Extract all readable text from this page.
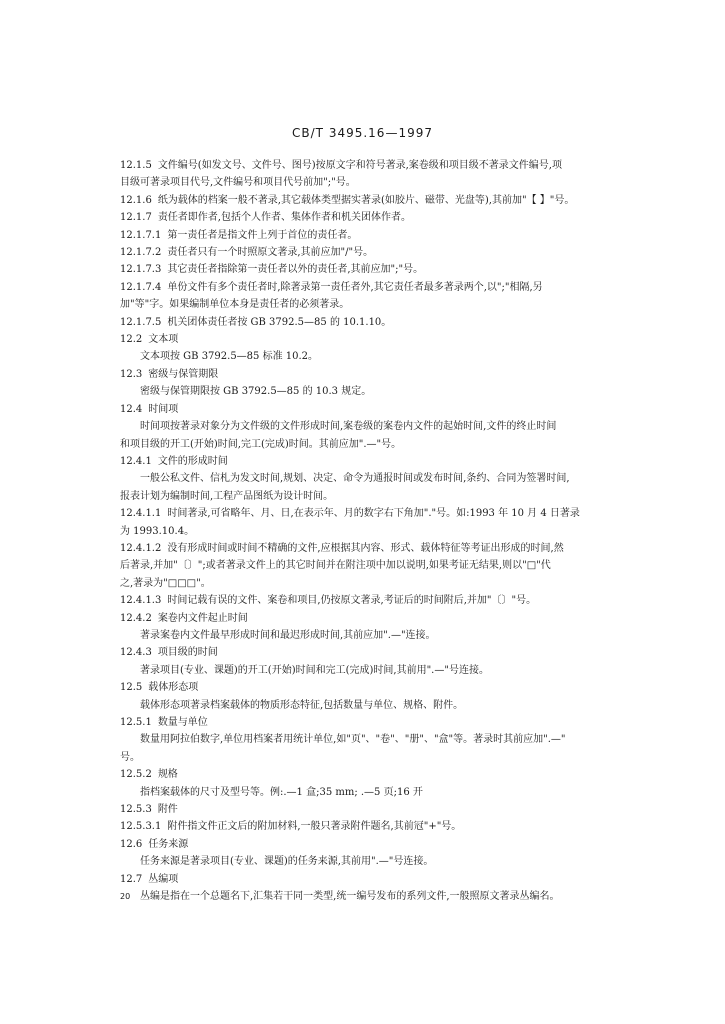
CB/T 3495.16—1997
12.1.5 文件编号(如发文号、文件号、图号)按原文字和符号著录,案卷级和项目级不著录文件编号,项
目级可著录项目代号,文件编号和项目代号前加";"号。
12.1.6 纸为载体的档案一般不著录,其它载体类型据实著录(如胶片、磁带、光盘等),其前加"【 】"号。
12.1.7 责任者即作者,包括个人作者、集体作者和机关团体作者。
12.1.7.1 第一责任者是指文件上列于首位的责任者。
12.1.7.2 责任者只有一个时照原文著录,其前应加"/"号。
12.1.7.3 其它责任者指除第一责任者以外的责任者,其前应加";"号。
12.1.7.4 单份文件有多个责任者时,除著录第一责任者外,其它责任者最多著录两个,以";"相隔,另
加"等"字。如果编制单位本身是责任者的必须著录。
12.1.7.5 机关团体责任者按 GB 3792.5—85 的 10.1.10。
12.2 文本项
文本项按 GB 3792.5—85 标准 10.2。
12.3 密级与保管期限
密级与保管期限按 GB 3792.5—85 的 10.3 规定。
12.4 时间项
时间项按著录对象分为文件级的文件形成时间,案卷级的案卷内文件的起始时间,文件的终止时间
和项目级的开工(开始)时间,完工(完成)时间。其前应加".—"号。
12.4.1 文件的形成时间
一般公私文件、信札为发文时间,规划、决定、命令为通报时间或发布时间,条约、合同为签署时间,
报表计划为编制时间,工程产品图纸为设计时间。
12.4.1.1 时间著录,可省略年、月、日,在表示年、月的数字右下角加"."号。如:1993 年 10 月 4 日著录
为 1993.10.4。
12.4.1.2 没有形成时间或时间不精确的文件,应根据其内容、形式、载体特征等考证出形成的时间,然
后著录,并加"〔〕";或者著录文件上的其它时间并在附注项中加以说明,如果考证无结果,则以"□"代
之,著录为"□□□"。
12.4.1.3 时间记载有误的文件、案卷和项目,仍按原文著录,考证后的时间附后,并加"〔〕"号。
12.4.2 案卷内文件起止时间
著录案卷内文件最早形成时间和最迟形成时间,其前应加".—"连接。
12.4.3 项目级的时间
著录项目(专业、课题)的开工(开始)时间和完工(完成)时间,其前用".—"号连接。
12.5 载体形态项
载体形态项著录档案载体的物质形态特征,包括数量与单位、规格、附件。
12.5.1 数量与单位
数量用阿拉伯数字,单位用档案者用统计单位,如"页"、"卷"、"册"、"盒"等。著录时其前应加".—"
号。
12.5.2 规格
指档案载体的尺寸及型号等。例:.—1 盒;35 mm; .—5 页;16 开
12.5.3 附件
12.5.3.1 附件指文件正文后的附加材料,一般只著录附件题名,其前冠"+"号。
12.6 任务来源
任务来源是著录项目(专业、课题)的任务来源,其前用".—"号连接。
12.7 丛编项
丛编是指在一个总题名下,汇集若干同一类型,统一编号发布的系列文件,一般照原文著录丛编名。
20
